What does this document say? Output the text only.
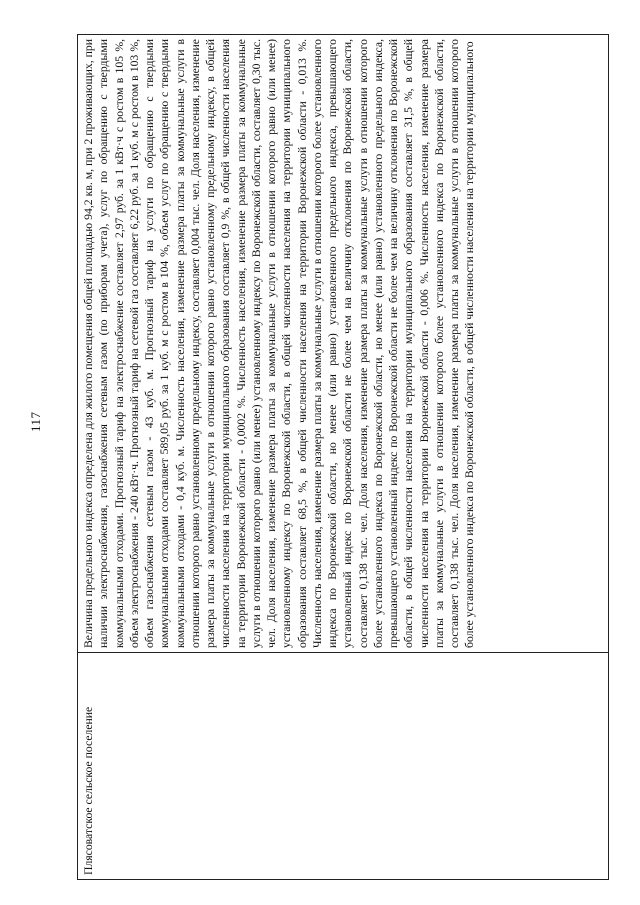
117
Плясоватское сельское поселение	
Величина предельного индекса определена для жилого помещения общей площадью 94,2 кв. м, при 2 проживающих, при наличии электроснабжения, газоснабжения сетевым газом (по приборам учета), услуг по обращению с твердыми коммунальными отходами. Прогнозный тариф на электроснабжение составляет 2,97 руб. за 1 кВт·ч с ростом в 105 %, объем электроснабжения - 240 кВт·ч. Прогнозный тариф на сетевой газ составляет 6,22 руб. за 1 куб. м с ростом в 103 %, объем газоснабжения сетевым газом - 43 куб. м. Прогнозный тариф на услуги по обращению с твердыми коммунальными отходами составляет 589,05 руб. за 1 куб. м с ростом в 104 %, объем услуг по обращению с твердыми коммунальными отходами - 0,4 куб. м. Численность населения, изменение размера платы за коммунальные услуги в отношении которого равно установленному предельному индексу, составляет 0,004 тыс. чел. Доля населения, изменение размера платы за коммунальные услуги в отношении которого равно установленному предельному индексу, в общей численности населения на территории муниципального образования составляет 0,9 %, в общей численности населения на территории Воронежской области - 0,0002 %. Численность населения, изменение размера платы за коммунальные услуги в отношении которого равно (или менее) установленному индексу по Воронежской области, составляет 0,30 тыс. чел. Доля населения, изменение размера платы за коммунальные услуги в отношении которого равно (или менее) установленному индексу по Воронежской области, в общей численности населения на территории муниципального образования составляет 68,5 %, в общей численности населения на территории Воронежской области - 0,013 %. Численность населения, изменение размера платы за коммунальные услуги в отношении которого более установленного индекса по Воронежской области, но менее (или равно) установленного предельного индекса, превышающего установленный индекс по Воронежской области не более чем на величину отклонения по Воронежской области, составляет 0,138 тыс. чел. Доля населения, изменение размера платы за коммунальные услуги в отношении которого более установленного индекса по Воронежской области, но менее (или равно) установленного предельного индекса, превышающего установленный индекс по Воронежской области не более чем на величину отклонения по Воронежской области, в общей численности населения на территории муниципального образования составляет 31,5 %, в общей численности населения на территории Воронежской области - 0,006 %. Численность населения, изменение размера платы за коммунальные услуги в отношении которого более установленного индекса по Воронежской области, составляет 0,138 тыс. чел. Доля населения, изменение размера платы за коммунальные услуги в отношении которого более установленного индекса по Воронежской области, в общей численности населения на территории муниципального
